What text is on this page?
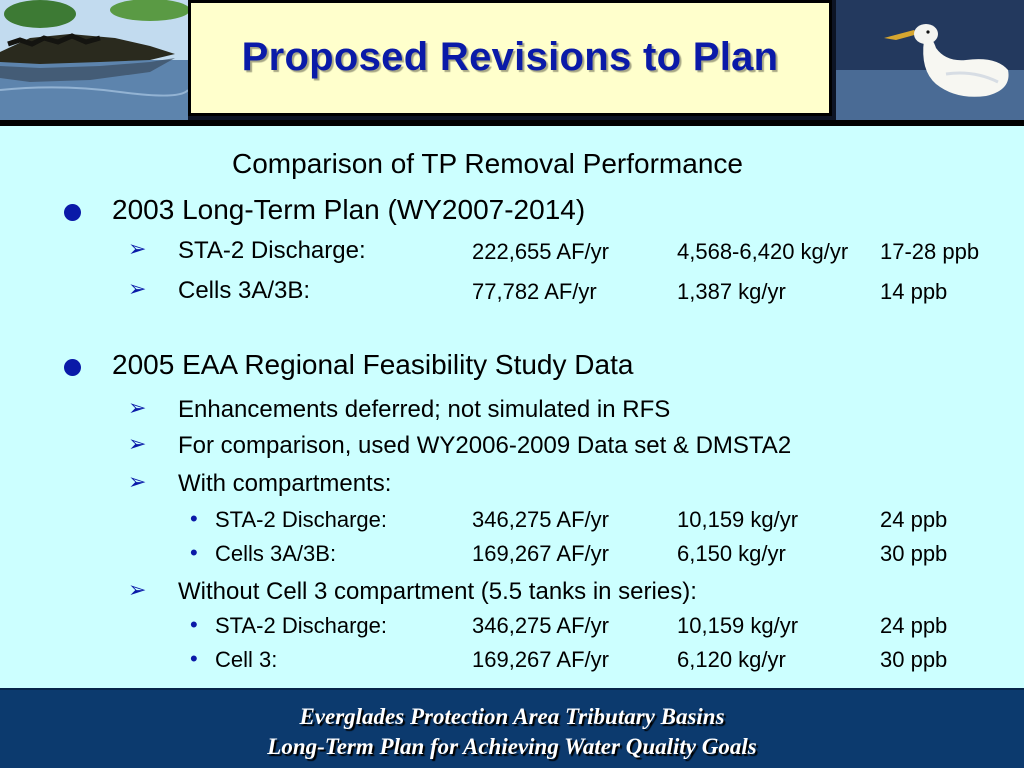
Proposed Revisions to Plan
Comparison of TP Removal Performance
2003 Long-Term Plan (WY2007-2014)
➢ STA-2 Discharge:	222,655 AF/yr	4,568-6,420 kg/yr 17-28 ppb
➢ Cells 3A/3B:	77,782 AF/yr	1,387 kg/yr	14 ppb
2005 EAA Regional Feasibility Study Data
➢ Enhancements deferred; not simulated in RFS
➢ For comparison, used WY2006-2009 Data set & DMSTA2
➢ With compartments:
• STA-2 Discharge:	346,275 AF/yr	10,159 kg/yr	24 ppb
• Cells 3A/3B:	169,267 AF/yr	6,150 kg/yr	30 ppb
➢ Without Cell 3 compartment (5.5 tanks in series):
• STA-2 Discharge:	346,275 AF/yr	10,159 kg/yr	24 ppb
• Cell 3:	169,267 AF/yr	6,120 kg/yr	30 ppb
Everglades Protection Area Tributary Basins
Long-Term Plan for Achieving Water Quality Goals
